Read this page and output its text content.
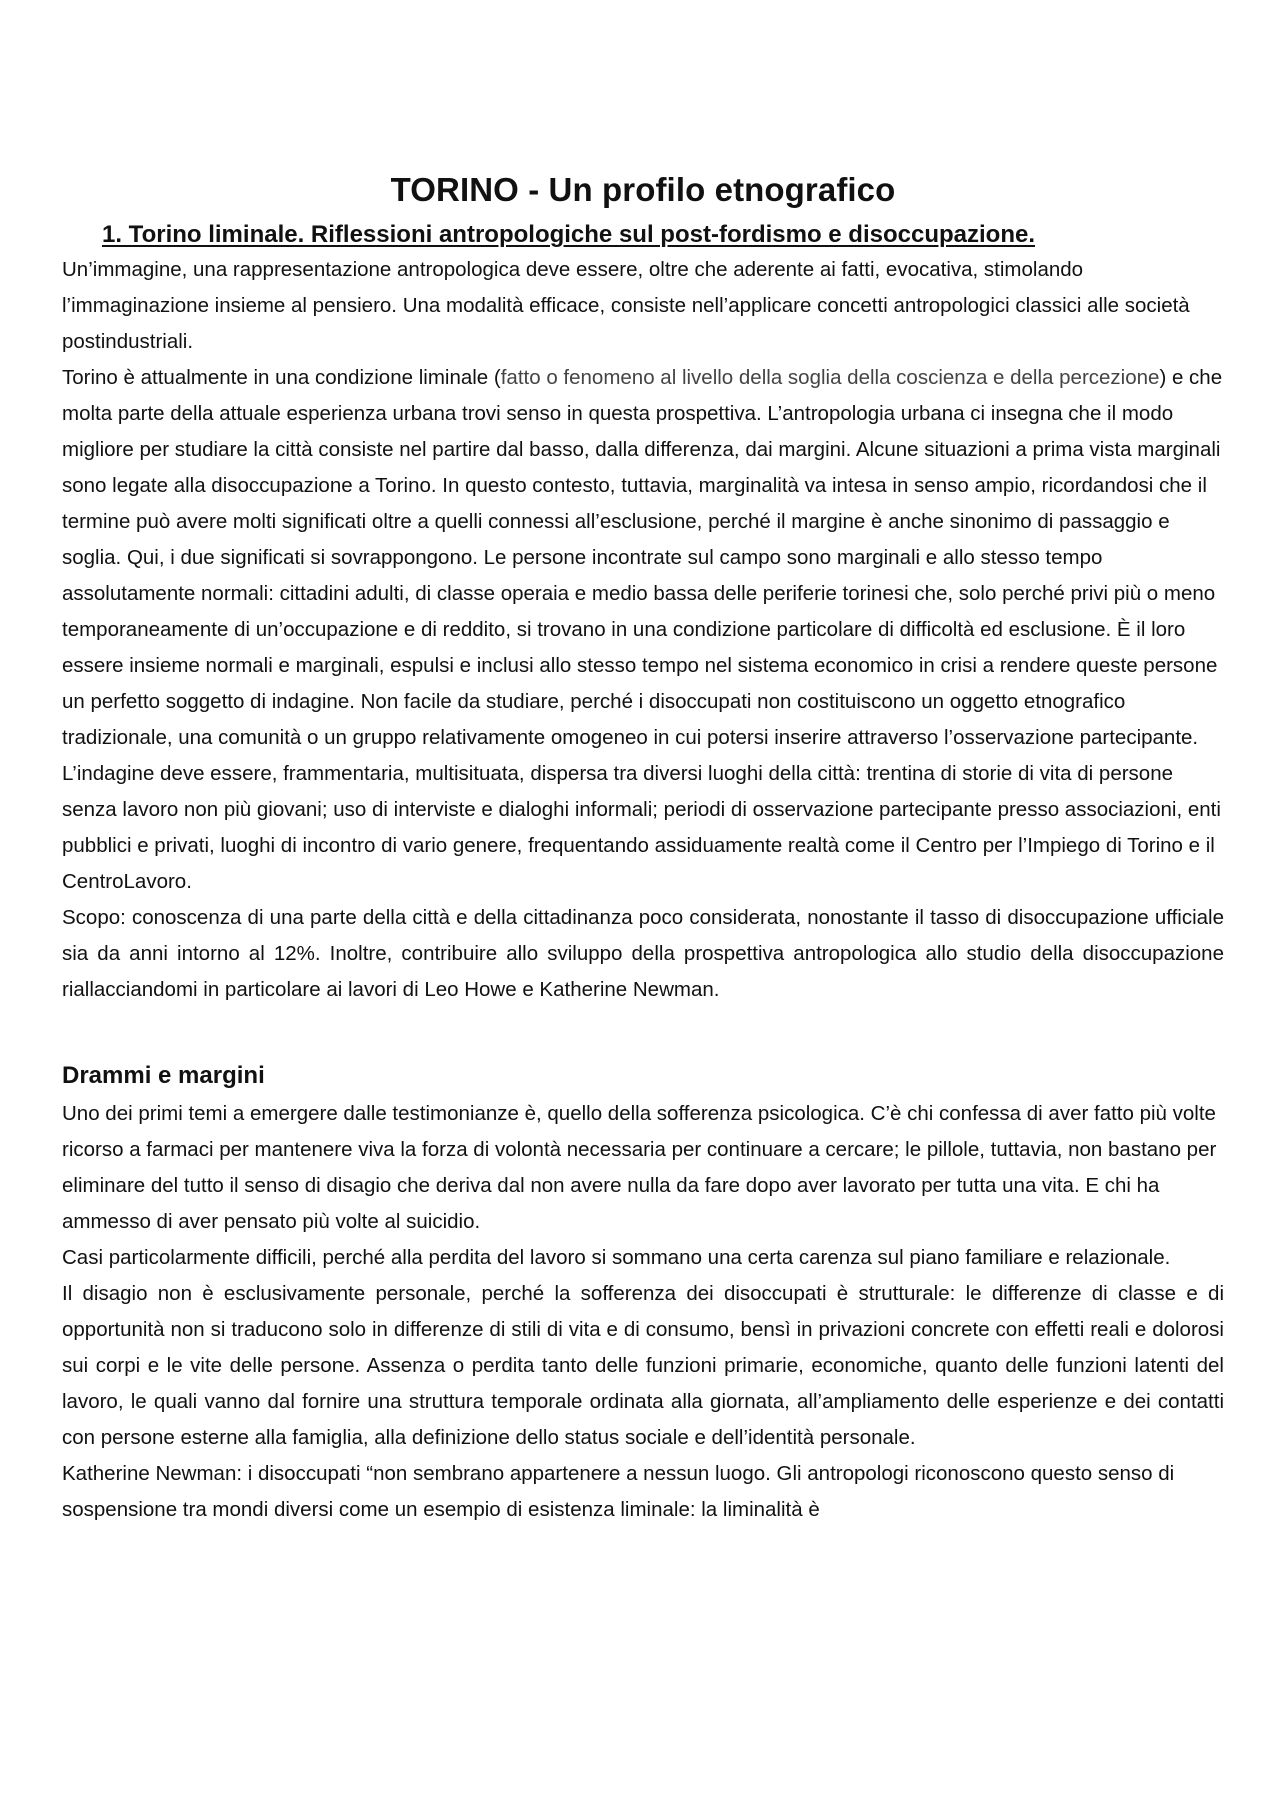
TORINO - Un profilo etnografico
1. Torino liminale. Riflessioni antropologiche sul post-fordismo e disoccupazione.

Un’immagine, una rappresentazione antropologica deve essere, oltre che aderente ai fatti, evocativa, stimolando l’immaginazione insieme al pensiero. Una modalità efficace, consiste nell’applicare concetti antropologici classici alle società postindustriali.

Torino è attualmente in una condizione liminale (fatto o fenomeno al livello della soglia della coscienza e della percezione) e che molta parte della attuale esperienza urbana trovi senso in questa prospettiva. L’antropologia urbana ci insegna che il modo migliore per studiare la città consiste nel partire dal basso, dalla differenza, dai margini. Alcune situazioni a prima vista marginali sono legate alla disoccupazione a Torino. In questo contesto, tuttavia, marginalità va intesa in senso ampio, ricordandosi che il termine può avere molti significati oltre a quelli connessi all’esclusione, perché il margine è anche sinonimo di passaggio e soglia. Qui, i due significati si sovrappongono. Le persone incontrate sul campo sono marginali e allo stesso tempo assolutamente normali: cittadini adulti, di classe operaia e medio bassa delle periferie torinesi che, solo perché privi più o meno temporaneamente di un’occupazione e di reddito, si trovano in una condizione particolare di difficoltà ed esclusione. È il loro essere insieme normali e marginali, espulsi e inclusi allo stesso tempo nel sistema economico in crisi a rendere queste persone un perfetto soggetto di indagine. Non facile da studiare, perché i disoccupati non costituiscono un oggetto etnografico tradizionale, una comunità o un gruppo relativamente omogeneo in cui potersi inserire attraverso l’osservazione partecipante. L’indagine deve essere, frammentaria, multisituata, dispersa tra diversi luoghi della città: trentina di storie di vita di persone senza lavoro non più giovani; uso di interviste e dialoghi informali; periodi di osservazione partecipante presso associazioni, enti pubblici e privati, luoghi di incontro di vario genere, frequentando assiduamente realtà come il Centro per l’Impiego di Torino e il CentroLavoro.

Scopo: conoscenza di una parte della città e della cittadinanza poco considerata, nonostante il tasso di disoccupazione ufficiale sia da anni intorno al 12%. Inoltre, contribuire allo sviluppo della prospettiva antropologica allo studio della disoccupazione riallacciandomi in particolare ai lavori di Leo Howe e Katherine Newman.

Drammi e margini

Uno dei primi temi a emergere dalle testimonianze è, quello della sofferenza psicologica. C’è chi confessa di aver fatto più volte ricorso a farmaci per mantenere viva la forza di volontà necessaria per continuare a cercare; le pillole, tuttavia, non bastano per eliminare del tutto il senso di disagio che deriva dal non avere nulla da fare dopo aver lavorato per tutta una vita. E chi ha ammesso di aver pensato più volte al suicidio.

Casi particolarmente difficili, perché alla perdita del lavoro si sommano una certa carenza sul piano familiare e relazionale.

Il disagio non è esclusivamente personale, perché la sofferenza dei disoccupati è strutturale: le differenze di classe e di opportunità non si traducono solo in differenze di stili di vita e di consumo, bensì in privazioni concrete con effetti reali e dolorosi sui corpi e le vite delle persone. Assenza o perdita tanto delle funzioni primarie, economiche, quanto delle funzioni latenti del lavoro, le quali vanno dal fornire una struttura temporale ordinata alla giornata, all’ampliamento delle esperienze e dei contatti con persone esterne alla famiglia, alla definizione dello status sociale e dell’identità personale.

Katherine Newman: i disoccupati “non sembrano appartenere a nessun luogo. Gli antropologi riconoscono questo senso di sospensione tra mondi diversi come un esempio di esistenza liminale: la liminalità è
